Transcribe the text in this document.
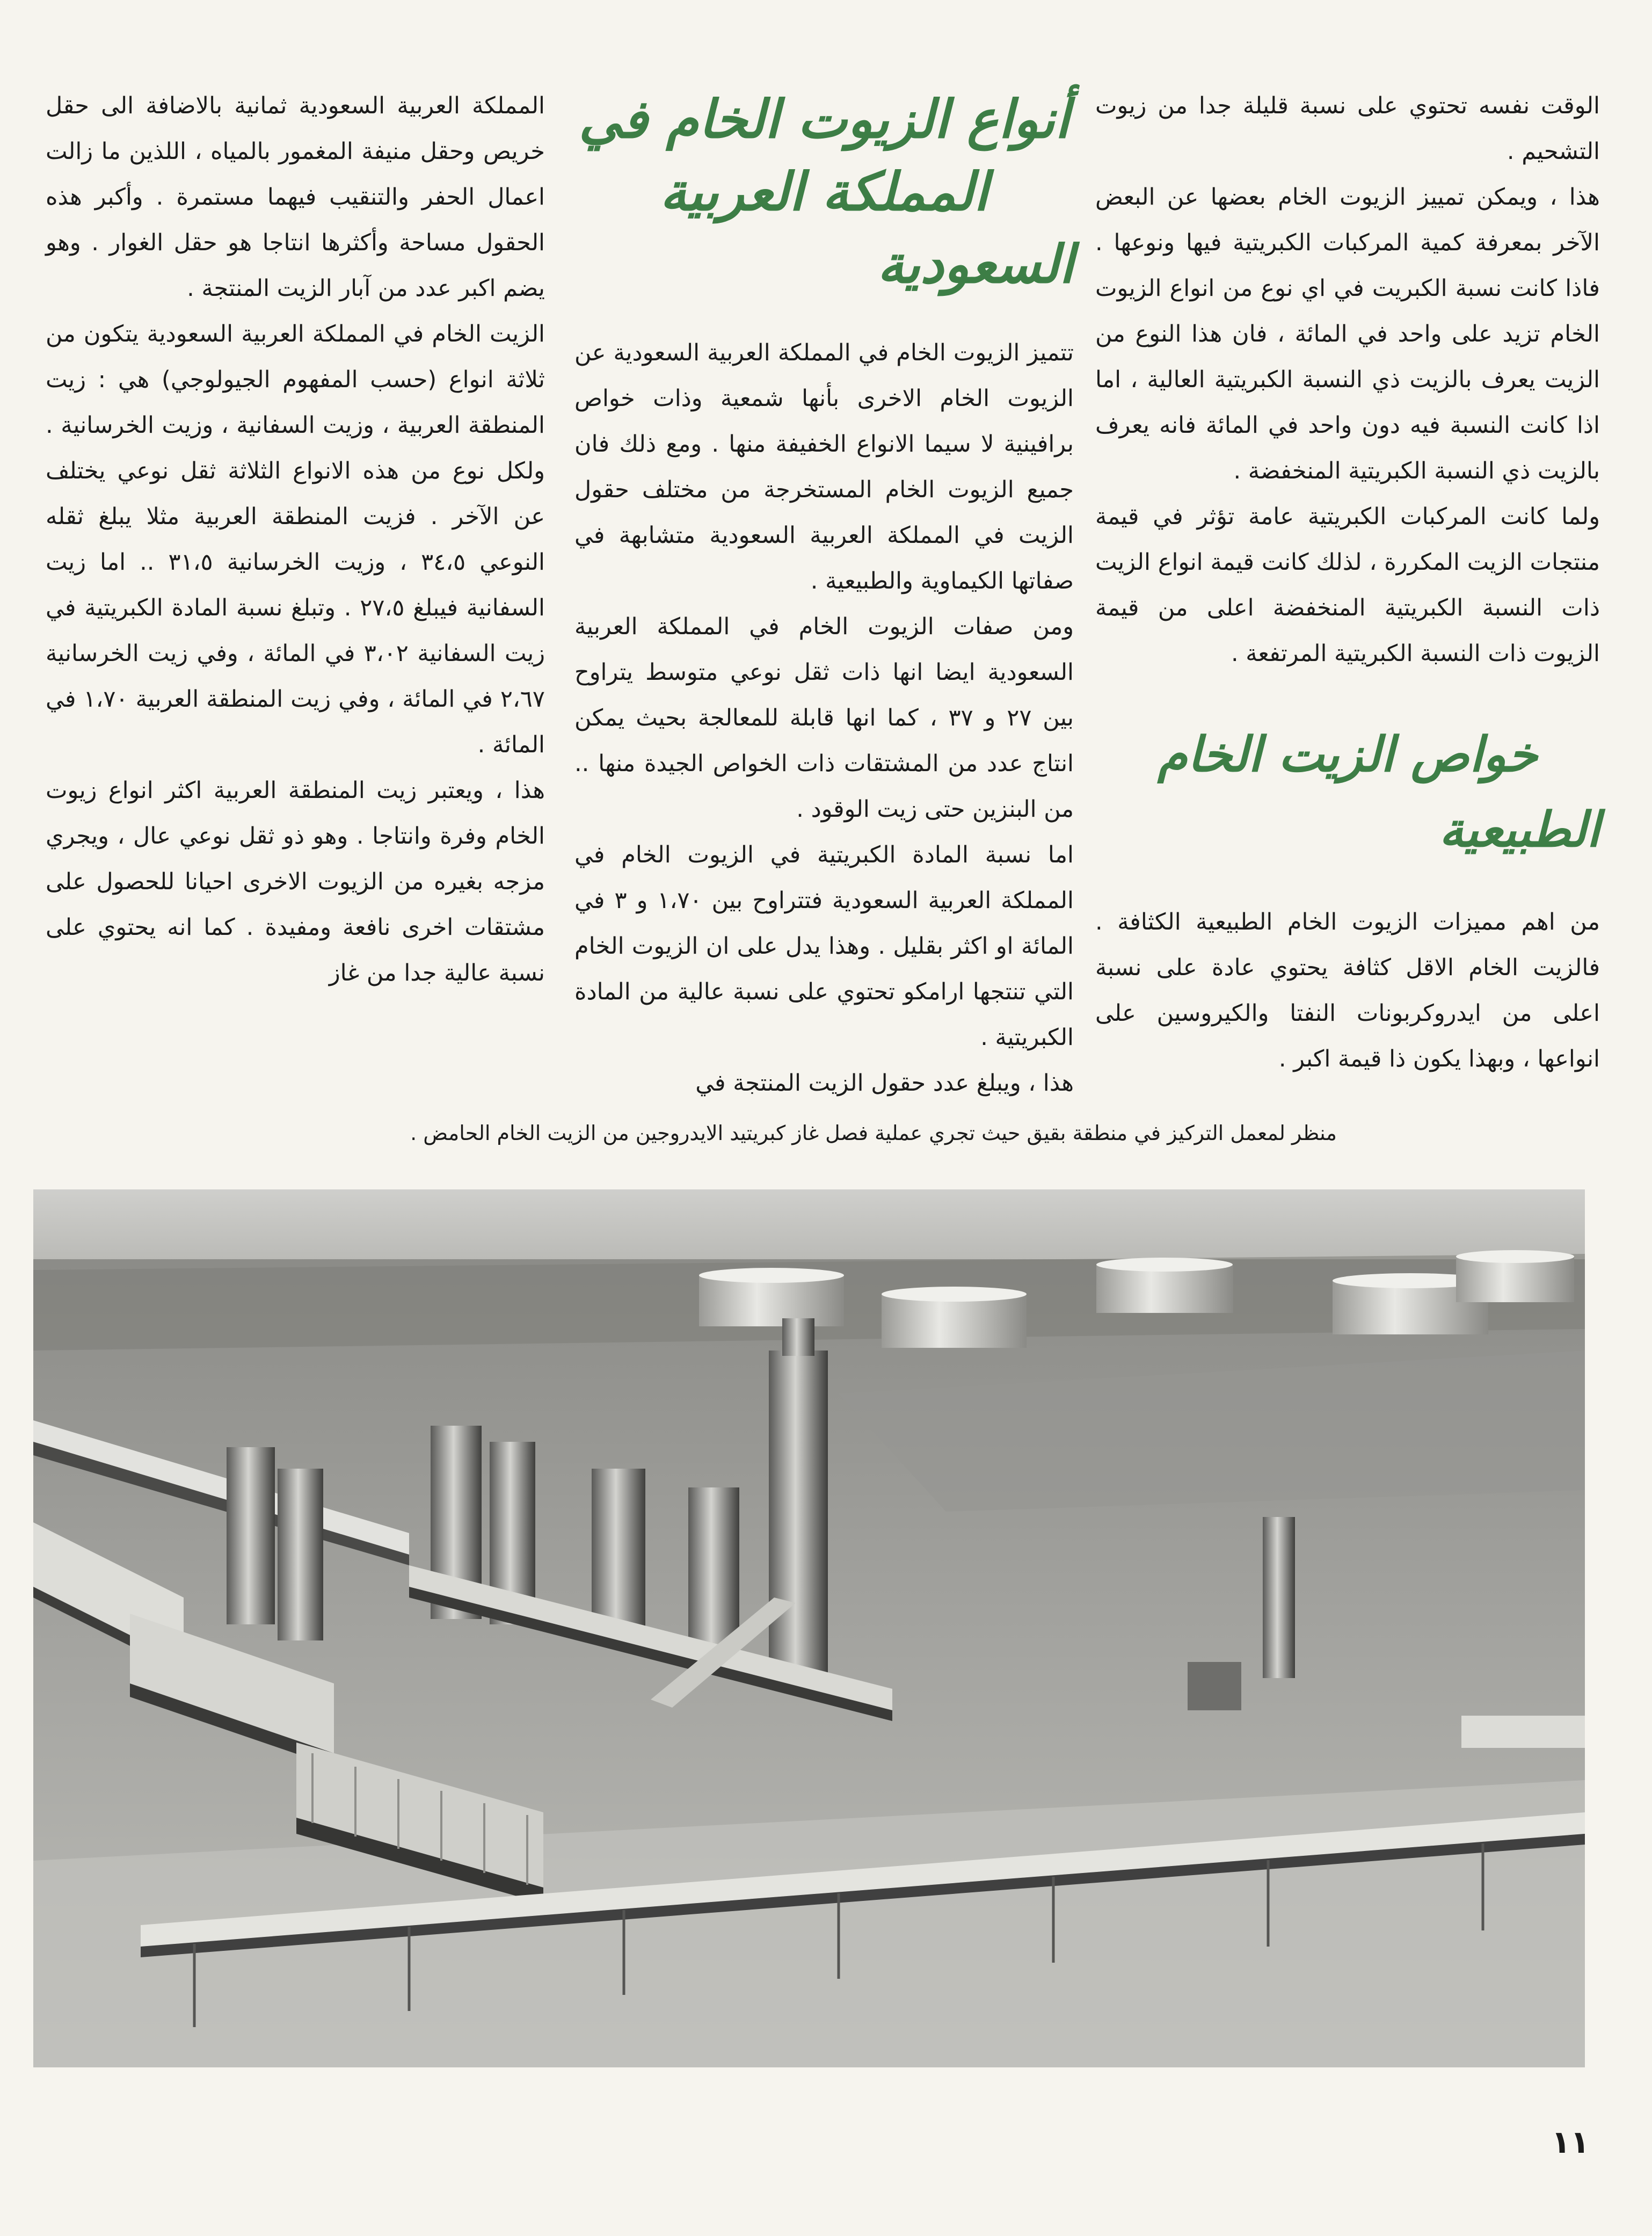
الوقت نفسه تحتوي على نسبة قليلة جدا من زيوت التشحيم .

هذا ، ويمكن تمييز الزيوت الخام بعضها عن البعض الآخر بمعرفة كمية المركبات الكبريتية فيها ونوعها . فاذا كانت نسبة الكبريت في اي نوع من انواع الزيوت الخام تزيد على واحد في المائة ، فان هذا النوع من الزيت يعرف بالزيت ذي النسبة الكبريتية العالية ، اما اذا كانت النسبة فيه دون واحد في المائة فانه يعرف بالزيت ذي النسبة الكبريتية المنخفضة .

ولما كانت المركبات الكبريتية عامة تؤثر في قيمة منتجات الزيت المكررة ، لذلك كانت قيمة انواع الزيت ذات النسبة الكبريتية المنخفضة اعلى من قيمة الزيوت ذات النسبة الكبريتية المرتفعة .

خواص الزيت الخام الطبيعية

من اهم مميزات الزيوت الخام الطبيعية الكثافة . فالزيت الخام الاقل كثافة يحتوي عادة على نسبة اعلى من ايدروكربونات النفتا والكيروسين على انواعها ، وبهذا يكون ذا قيمة اكبر .

أنواع الزيوت الخام في المملكة العربية السعودية

تتميز الزيوت الخام في المملكة العربية السعودية عن الزيوت الخام الاخرى بأنها شمعية وذات خواص برافينية لا سيما الانواع الخفيفة منها . ومع ذلك فان جميع الزيوت الخام المستخرجة من مختلف حقول الزيت في المملكة العربية السعودية متشابهة في صفاتها الكيماوية والطبيعية .

ومن صفات الزيوت الخام في المملكة العربية السعودية ايضا انها ذات ثقل نوعي متوسط يتراوح بين ٢٧ و ٣٧ ، كما انها قابلة للمعالجة بحيث يمكن انتاج عدد من المشتقات ذات الخواص الجيدة منها .. من البنزين حتى زيت الوقود .

اما نسبة المادة الكبريتية في الزيوت الخام في المملكة العربية السعودية فتتراوح بين ١،٧٠ و ٣ في المائة او اكثر بقليل . وهذا يدل على ان الزيوت الخام التي تنتجها ارامكو تحتوي على نسبة عالية من المادة الكبريتية .

هذا ، ويبلغ عدد حقول الزيت المنتجة في

المملكة العربية السعودية ثمانية بالاضافة الى حقل خريص وحقل منيفة المغمور بالمياه ، اللذين ما زالت اعمال الحفر والتنقيب فيهما مستمرة . وأكبر هذه الحقول مساحة وأكثرها انتاجا هو حقل الغوار . وهو يضم اكبر عدد من آبار الزيت المنتجة .

الزيت الخام في المملكة العربية السعودية يتكون من ثلاثة انواع (حسب المفهوم الجيولوجي) هي : زيت المنطقة العربية ، وزيت السفانية ، وزيت الخرسانية . ولكل نوع من هذه الانواع الثلاثة ثقل نوعي يختلف عن الآخر . فزيت المنطقة العربية مثلا يبلغ ثقله النوعي ٣٤،٥ ، وزيت الخرسانية ٣١،٥ .. اما زيت السفانية فيبلغ ٢٧،٥ . وتبلغ نسبة المادة الكبريتية في زيت السفانية ٣،٠٢ في المائة ، وفي زيت الخرسانية ٢،٦٧ في المائة ، وفي زيت المنطقة العربية ١،٧٠ في المائة .

هذا ، ويعتبر زيت المنطقة العربية اكثر انواع زيوت الخام وفرة وانتاجا . وهو ذو ثقل نوعي عال ، ويجري مزجه بغيره من الزيوت الاخرى احيانا للحصول على مشتقات اخرى نافعة ومفيدة . كما انه يحتوي على نسبة عالية جدا من غاز

منظر لمعمل التركيز في منطقة بقيق حيث تجري عملية فصل غاز كبريتيد الايدروجين من الزيت الخام الحامض .
١١
